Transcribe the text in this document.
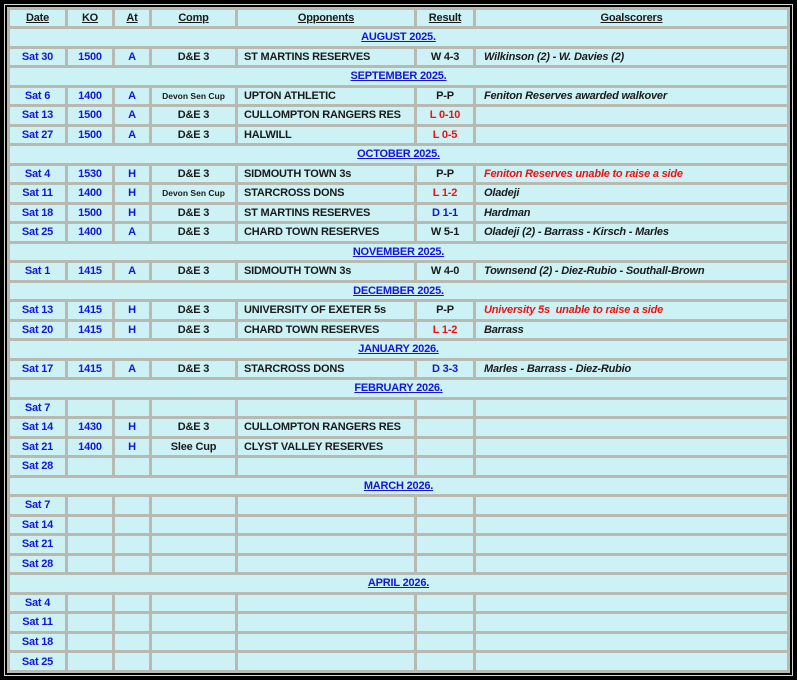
Date	KO	At	Comp	Opponents	Result	Goalscorers
AUGUST 2025.						
Sat 30	1500	A	D&E 3	ST MARTINS RESERVES	W 4-3	Wilkinson (2) - W. Davies (2)
SEPTEMBER 2025.						
Sat 6	1400	A	Devon Sen Cup	UPTON ATHLETIC	P-P	Feniton Reserves awarded walkover
Sat 13	1500	A	D&E 3	CULLOMPTON RANGERS RES	L 0-10	
Sat 27	1500	A	D&E 3	HALWILL	L 0-5	
OCTOBER 2025.						
Sat 4	1530	H	D&E 3	SIDMOUTH TOWN 3s	P-P	Feniton Reserves unable to raise a side
Sat 11	1400	H	Devon Sen Cup	STARCROSS DONS	L 1-2	Oladeji
Sat 18	1500	H	D&E 3	ST MARTINS RESERVES	D 1-1	Hardman
Sat 25	1400	A	D&E 3	CHARD TOWN RESERVES	W 5-1	Oladeji (2) - Barrass - Kirsch - Marles
NOVEMBER 2025.						
Sat 1	1415	A	D&E 3	SIDMOUTH TOWN 3s	W 4-0	Townsend (2) - Diez-Rubio - Southall-Brown
DECEMBER 2025.						
Sat 13	1415	H	D&E 3	UNIVERSITY OF EXETER 5s	P-P	University 5s  unable to raise a side
Sat 20	1415	H	D&E 3	CHARD TOWN RESERVES	L 1-2	Barrass
JANUARY 2026.						
Sat 17	1415	A	D&E 3	STARCROSS DONS	D 3-3	Marles - Barrass - Diez-Rubio
FEBRUARY 2026.						
Sat 7						
Sat 14	1430	H	D&E 3	CULLOMPTON RANGERS RES		
Sat 21	1400	H	Slee Cup	CLYST VALLEY RESERVES		
Sat 28						
MARCH 2026.						
Sat 7						
Sat 14						
Sat 21						
Sat 28						
APRIL 2026.						
Sat 4						
Sat 11						
Sat 18						
Sat 25						
